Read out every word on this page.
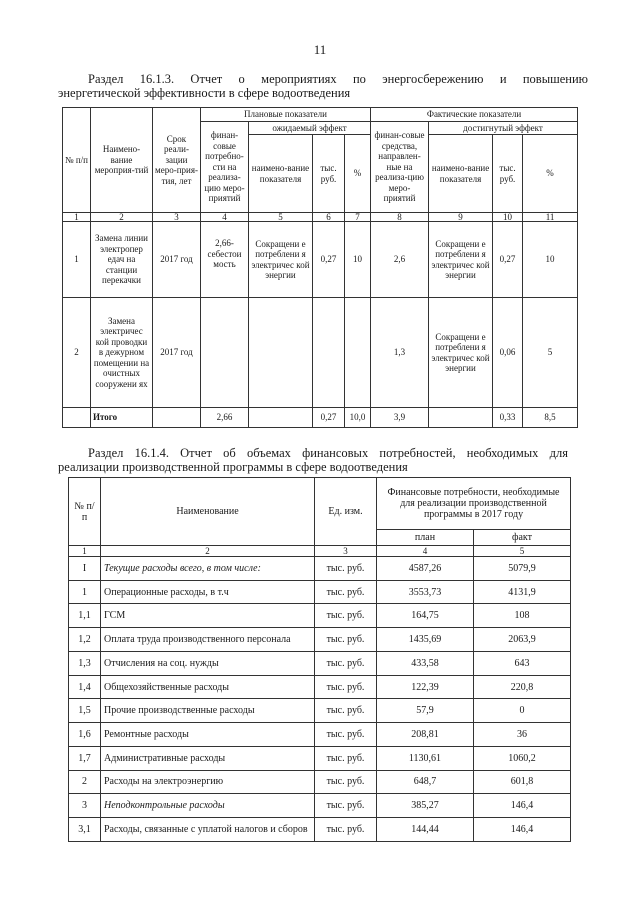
11
Раздел 16.1.3. Отчет о мероприятиях по энергосбережению и повышению
энергетической эффективности в сфере водоотведения
№ п/п	Наимено-вание мероприя-тий	Срок реали-зации меро-прия-тия, лет	Плановые показатели				Фактические показатели			
			финан-совые потребно-сти на реализа-цию меро-приятий	ожидаемый эффект			финан-совые средства, направлен-ные на реализа-цию меро-приятий	достигнутый эффект		
				наимено-вание показателя	тыс. руб.	%		наимено-вание показателя	тыс. руб.	%
1	2	3	4	5	6	7	8	9	10	11
1	Замена линии электропер едач на станции перекачки	2017 год	2,66-себестои мость	Сокращени е потреблени я электричес кой энергии	0,27	10	2,6	Сокращени е потреблени я электричес кой энергии	0,27	10
2	Замена электричес кой проводки в дежурном помещении на очистных сооружени ях	2017 год					1,3	Сокращени е потреблени я электричес кой энергии	0,06	5
	Итого		2,66		0,27	10,0	3,9		0,33	8,5
Раздел 16.1.4. Отчет об объемах финансовых потребностей, необходимых для
реализации производственной программы в сфере водоотведения
№ п/п	Наименование	Ед. изм.	Финансовые потребности, необходимые для реализации производственной программы в 2017 году	
			план	факт
1	2	3	4	5
I	Текущие расходы всего, в том числе:	тыс. руб.	4587,26	5079,9
1	Операционные расходы, в т.ч	тыс. руб.	3553,73	4131,9
1,1	ГСМ	тыс. руб.	164,75	108
1,2	Оплата труда производственного персонала	тыс. руб.	1435,69	2063,9
1,3	Отчисления на соц. нужды	тыс. руб.	433,58	643
1,4	Общехозяйственные расходы	тыс. руб.	122,39	220,8
1,5	Прочие производственные расходы	тыс. руб.	57,9	0
1,6	Ремонтные расходы	тыс. руб.	208,81	36
1,7	Административные расходы	тыс. руб.	1130,61	1060,2
2	Расходы на электроэнергию	тыс. руб.	648,7	601,8
3	Неподконтрольные расходы	тыс. руб.	385,27	146,4
3,1	Расходы, связанные с уплатой налогов и сборов	тыс. руб.	144,44	146,4
